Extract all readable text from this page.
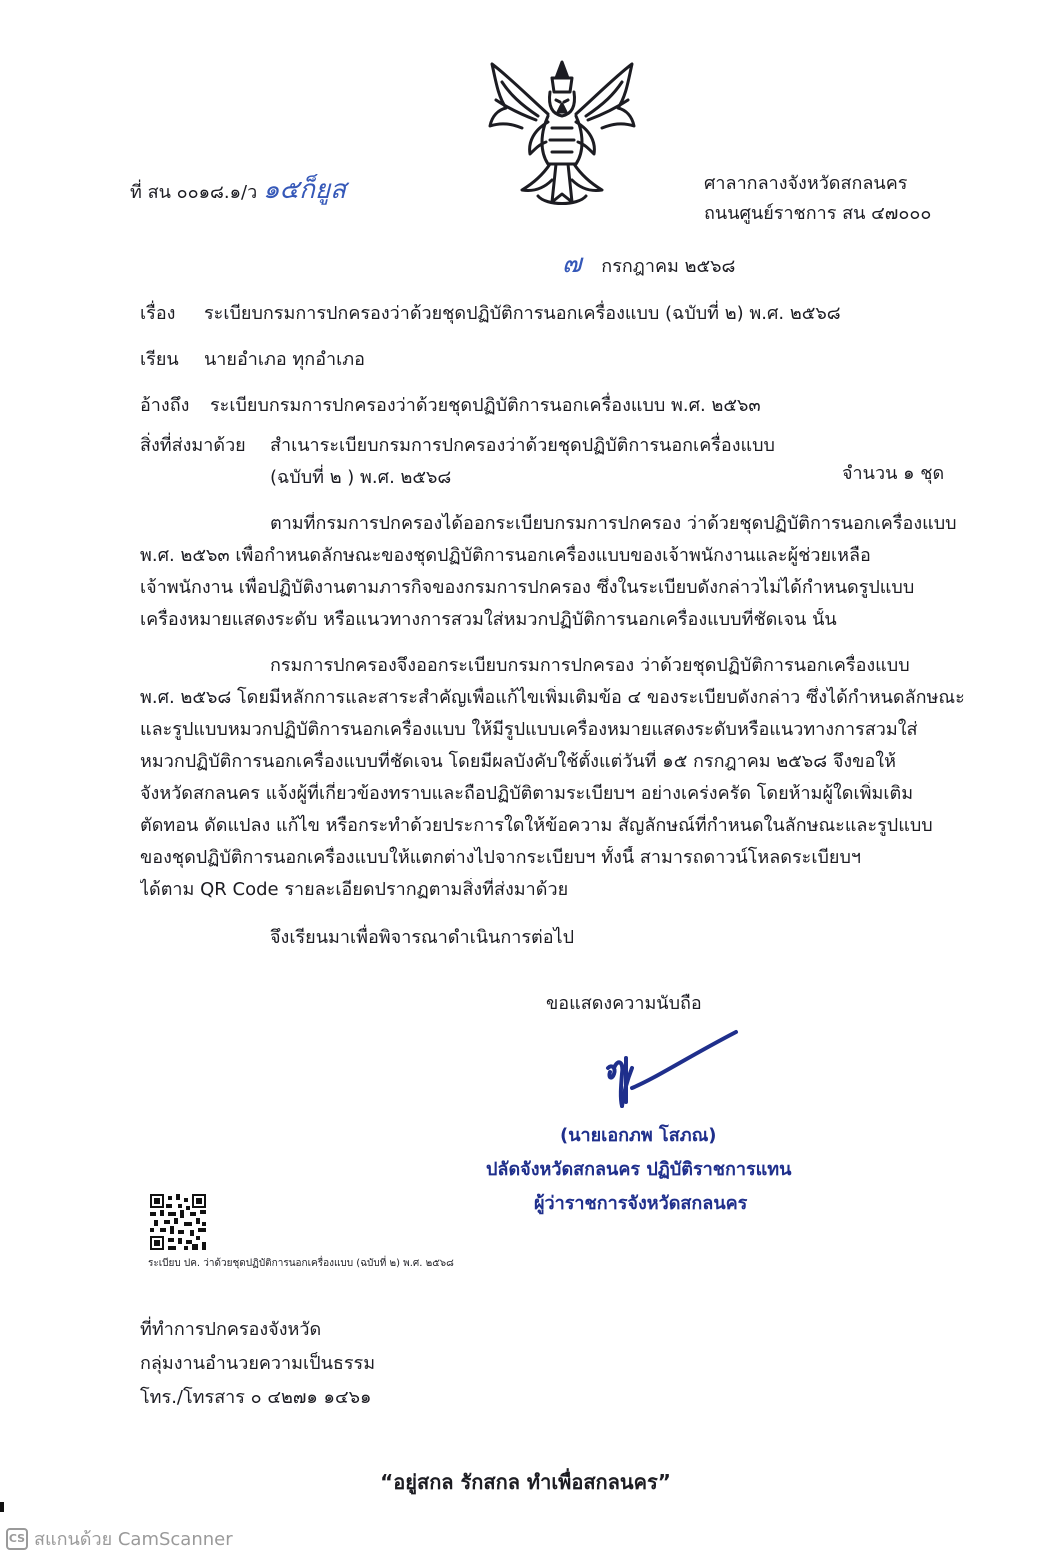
ที่ สน ๐๐๑๘.๑/ว ๑๕ก็ยูส	ศาลากลางจังหวัดสกลนคร
ถนนศูนย์ราชการ สน ๔๗๐๐๐
๗ กรกฎาคม ๒๕๖๘
เรื่อง ระเบียบกรมการปกครองว่าด้วยชุดปฏิบัติการนอกเครื่องแบบ (ฉบับที่ ๒) พ.ศ. ๒๕๖๘
เรียน นายอำเภอ ทุกอำเภอ
อ้างถึง ระเบียบกรมการปกครองว่าด้วยชุดปฏิบัติการนอกเครื่องแบบ พ.ศ. ๒๕๖๓
สิ่งที่ส่งมาด้วย สำเนาระเบียบกรมการปกครองว่าด้วยชุดปฏิบัติการนอกเครื่องแบบ
(ฉบับที่ ๒ ) พ.ศ. ๒๕๖๘	จำนวน ๑ ชุด
ตามที่กรมการปกครองได้ออกระเบียบกรมการปกครอง ว่าด้วยชุดปฏิบัติการนอกเครื่องแบบ
พ.ศ. ๒๕๖๓ เพื่อกำหนดลักษณะของชุดปฏิบัติการนอกเครื่องแบบของเจ้าพนักงานและผู้ช่วยเหลือ
เจ้าพนักงาน เพื่อปฏิบัติงานตามภารกิจของกรมการปกครอง ซึ่งในระเบียบดังกล่าวไม่ได้กำหนดรูปแบบ
เครื่องหมายแสดงระดับ หรือแนวทางการสวมใส่หมวกปฏิบัติการนอกเครื่องแบบที่ชัดเจน นั้น
กรมการปกครองจึงออกระเบียบกรมการปกครอง ว่าด้วยชุดปฏิบัติการนอกเครื่องแบบ
พ.ศ. ๒๕๖๘ โดยมีหลักการและสาระสำคัญเพื่อแก้ไขเพิ่มเติมข้อ ๔ ของระเบียบดังกล่าว ซึ่งได้กำหนดลักษณะ
และรูปแบบหมวกปฏิบัติการนอกเครื่องแบบ ให้มีรูปแบบเครื่องหมายแสดงระดับหรือแนวทางการสวมใส่
หมวกปฏิบัติการนอกเครื่องแบบที่ชัดเจน โดยมีผลบังคับใช้ตั้งแต่วันที่ ๑๕ กรกฎาคม ๒๕๖๘ จึงขอให้
จังหวัดสกลนคร แจ้งผู้ที่เกี่ยวข้องทราบและถือปฏิบัติตามระเบียบฯ อย่างเคร่งครัด โดยห้ามผู้ใดเพิ่มเติม
ตัดทอน ดัดแปลง แก้ไข หรือกระทำด้วยประการใดให้ข้อความ สัญลักษณ์ที่กำหนดในลักษณะและรูปแบบ
ของชุดปฏิบัติการนอกเครื่องแบบให้แตกต่างไปจากระเบียบฯ ทั้งนี้ สามารถดาวน์โหลดระเบียบฯ
ได้ตาม QR Code รายละเอียดปรากฏตามสิ่งที่ส่งมาด้วย
จึงเรียนมาเพื่อพิจารณาดำเนินการต่อไป
ขอแสดงความนับถือ
(นายเอกภพ โสภณ)
ปลัดจังหวัดสกลนคร ปฏิบัติราชการแทน
ผู้ว่าราชการจังหวัดสกลนคร
ระเบียบ ปค. ว่าด้วยชุดปฏิบัติการนอกเครื่องแบบ (ฉบับที่ ๒) พ.ศ. ๒๕๖๘
ที่ทำการปกครองจังหวัด
กลุ่มงานอำนวยความเป็นธรรม
โทร./โทรสาร ๐ ๔๒๗๑ ๑๔๖๑
“อยู่สกล รักสกล ทำเพื่อสกลนคร”
CS สแกนด้วย CamScanner
